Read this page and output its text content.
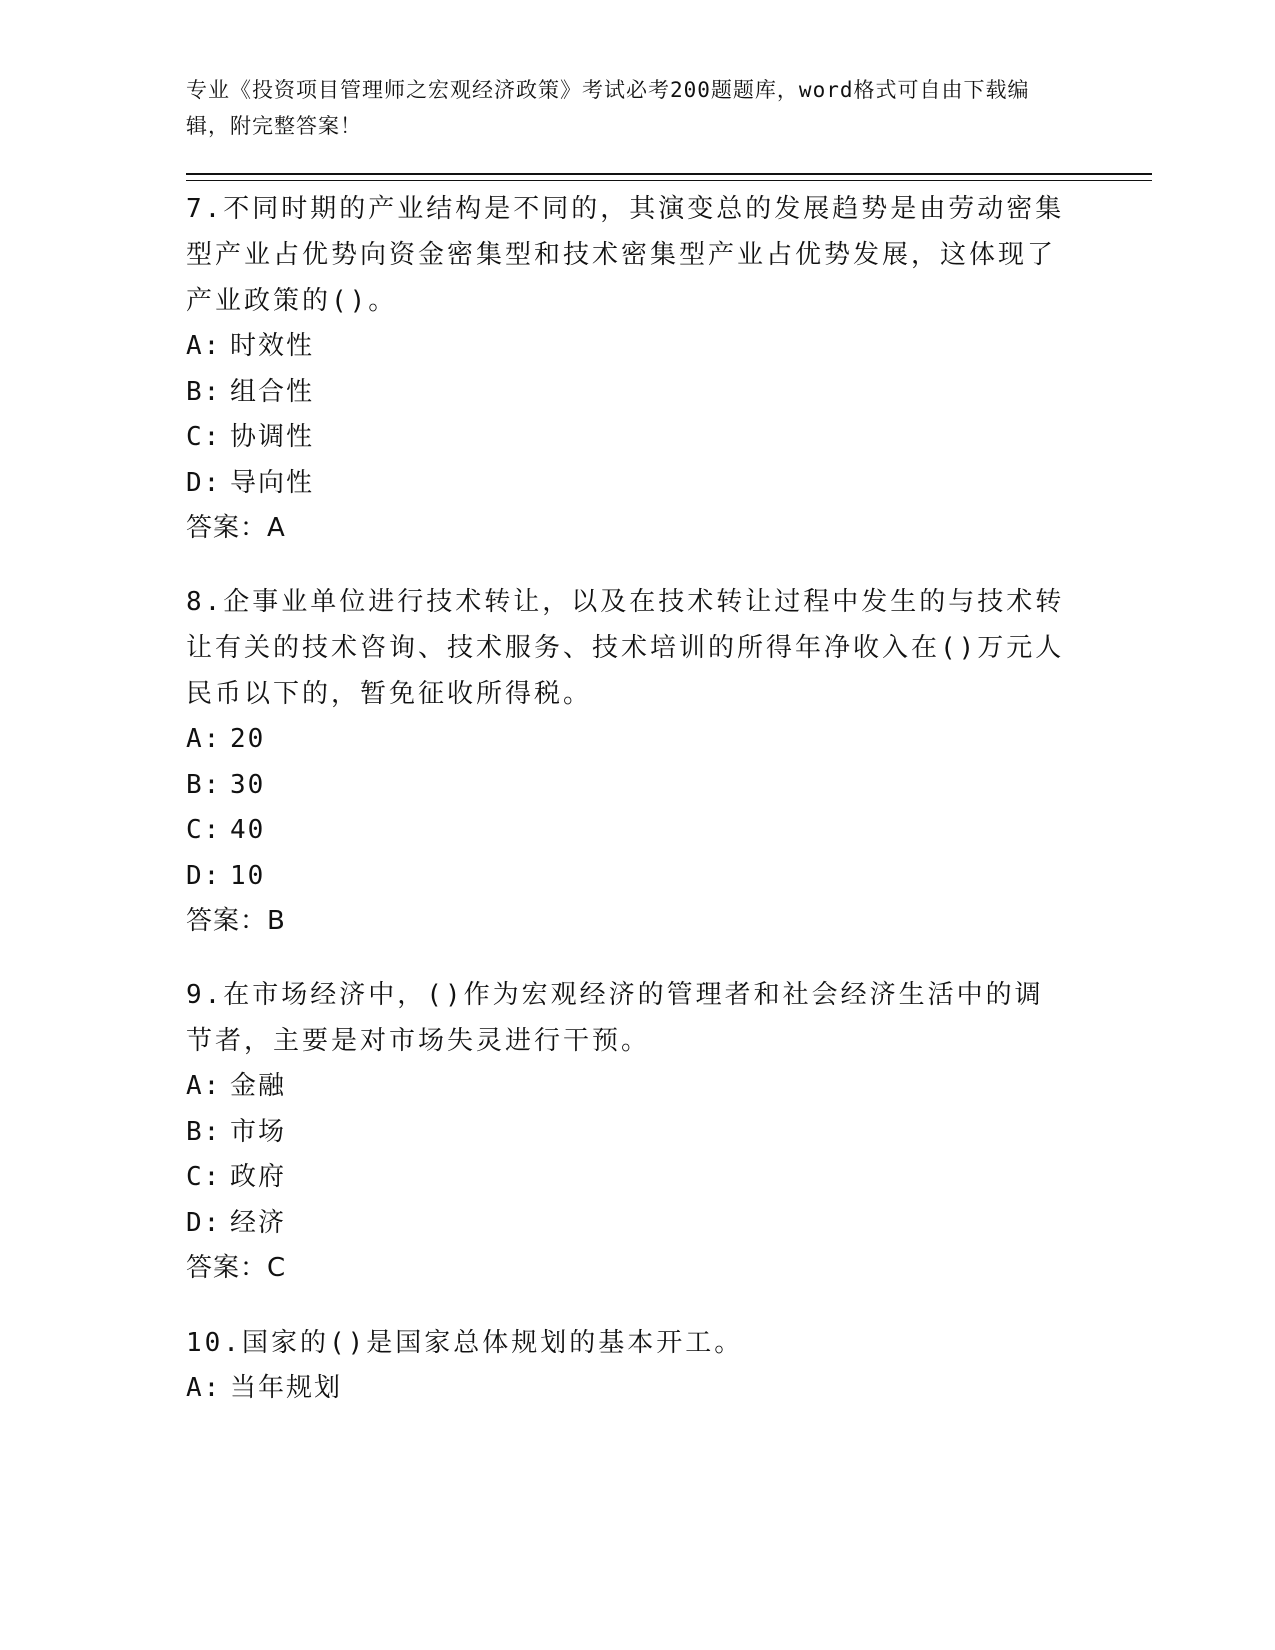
专业《投资项目管理师之宏观经济政策》考试必考200题题库，word格式可自由下载编辑，附完整答案！

7.不同时期的产业结构是不同的，其演变总的发展趋势是由劳动密集型产业占优势向资金密集型和技术密集型产业占优势发展，这体现了产业政策的()。

A: 时效性

B: 组合性

C: 协调性

D: 导向性

答案：A

8.企事业单位进行技术转让，以及在技术转让过程中发生的与技术转让有关的技术咨询、技术服务、技术培训的所得年净收入在()万元人民币以下的，暂免征收所得税。

A: 20

B: 30

C: 40

D: 10

答案：B

9.在市场经济中，()作为宏观经济的管理者和社会经济生活中的调节者，主要是对市场失灵进行干预。

A: 金融

B: 市场

C: 政府

D: 经济

答案：C

10.国家的()是国家总体规划的基本开工。

A: 当年规划
